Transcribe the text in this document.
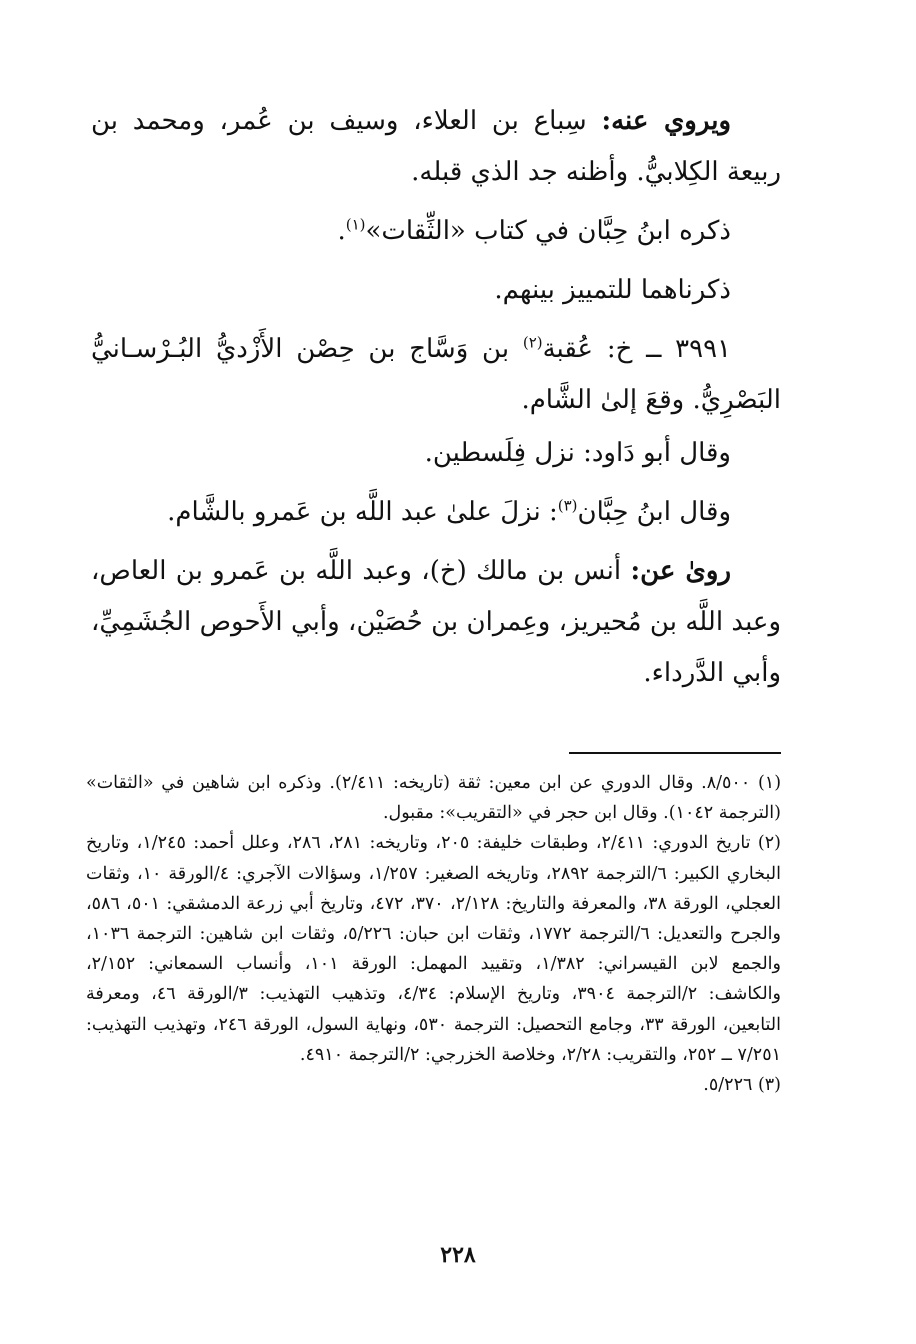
ويروي عنه: سِباع بن العلاء، وسيف بن عُمر، ومحمد بن ربيعة الكِلابيُّ. وأظنه جد الذي قبله.

ذكره ابنُ حِبَّان في كتاب «الثِّقات»$^{(١)}$.

ذكرناهما للتمييز بينهم.

٣٩٩١ ــ خ: عُقبة$^{(٢)}$ بن وَسَّاج بن حِصْن الأَزْديُّ البُـرْسـانيُّ البَصْرِيُّ. وقعَ إلىٰ الشَّام.

وقال أبو دَاود: نزل فِلَسطين.

وقال ابنُ حِبَّان$^{(٣)}$: نزلَ علىٰ عبد اللَّه بن عَمرو بالشَّام.

روىٰ عن: أنس بن مالك (خ)، وعبد اللَّه بن عَمرو بن العاص، وعبد اللَّه بن مُحيريز، وعِمران بن حُصَيْن، وأبي الأَحوص الجُشَمِيِّ، وأبي الدَّرداء.

(١) ٨/٥٠٠. وقال الدوري عن ابن معين: ثقة (تاريخه: ٢/٤١١). وذكره ابن شاهين في «الثقات» (الترجمة ١٠٤٢). وقال ابن حجر في «التقريب»: مقبول.

(٢) تاريخ الدوري: ٢/٤١١، وطبقات خليفة: ٢٠٥، وتاريخه: ٢٨١، ٢٨٦، وعلل أحمد: ١/٢٤٥، وتاريخ البخاري الكبير: ٦/الترجمة ٢٨٩٢، وتاريخه الصغير: ١/٢٥٧، وسؤالات الآجري: ٤/الورقة ١٠، وثقات العجلي، الورقة ٣٨، والمعرفة والتاريخ: ٢/١٢٨، ٣٧٠، ٤٧٢، وتاريخ أبي زرعة الدمشقي: ٥٠١، ٥٨٦، والجرح والتعديل: ٦/الترجمة ١٧٧٢، وثقات ابن حبان: ٥/٢٢٦، وثقات ابن شاهين: الترجمة ١٠٣٦، والجمع لابن القيسراني: ١/٣٨٢، وتقييد المهمل: الورقة ١٠١، وأنساب السمعاني: ٢/١٥٢، والكاشف: ٢/الترجمة ٣٩٠٤، وتاريخ الإسلام: ٤/٣٤، وتذهيب التهذيب: ٣/الورقة ٤٦، ومعرفة التابعين، الورقة ٣٣، وجامع التحصيل: الترجمة ٥٣٠، ونهاية السول، الورقة ٢٤٦، وتهذيب التهذيب: ٧/٢٥١ ــ ٢٥٢، والتقريب: ٢/٢٨، وخلاصة الخزرجي: ٢/الترجمة ٤٩١٠.

(٣) ٥/٢٢٦.

٢٢٨
